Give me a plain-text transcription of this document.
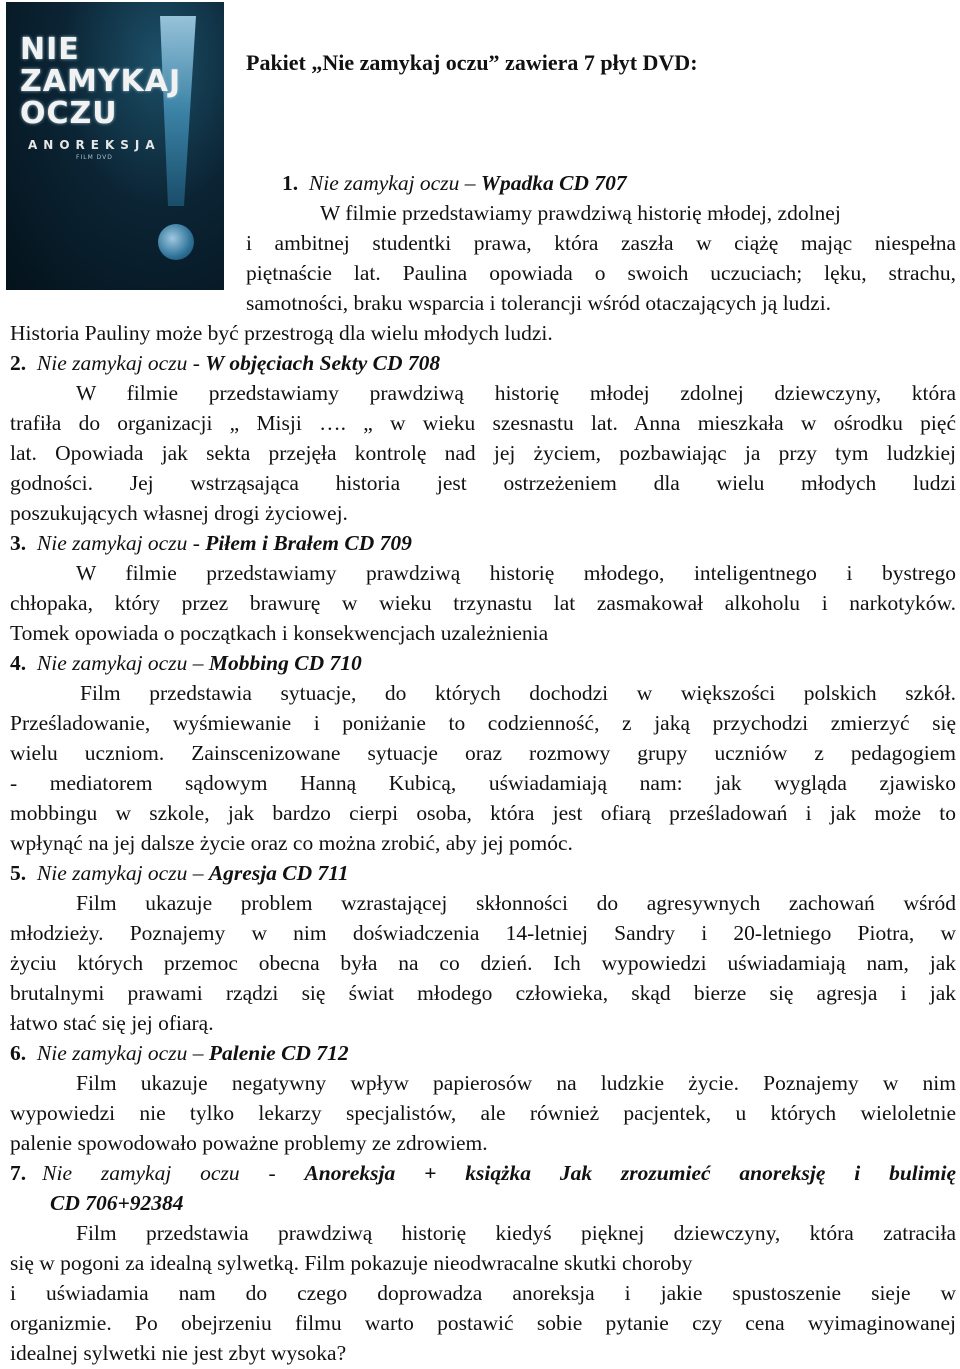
NIE
ZAMYKAJ
OCZU
ANOREKSJA
FILM DVD
Pakiet „Nie zamykaj oczu” zawiera 7 płyt DVD:
1. Nie zamykaj oczu – Wpadka CD 707
W filmie przedstawiamy prawdziwą historię młodej, zdolnej
i ambitnej studentki prawa, która zaszła w ciążę mając niespełna
piętnaście lat. Paulina opowiada o swoich uczuciach; lęku, strachu,
samotności, braku wsparcia i tolerancji wśród otaczających ją ludzi.
Historia Pauliny może być przestrogą dla wielu młodych ludzi.
2. Nie zamykaj oczu - W objęciach Sekty CD 708
W filmie przedstawiamy prawdziwą historię młodej zdolnej dziewczyny, która
trafiła do organizacji „ Misji …. „ w wieku szesnastu lat. Anna mieszkała w ośrodku pięć
lat. Opowiada jak sekta przejęła kontrolę nad jej życiem, pozbawiając ja przy tym ludzkiej
godności. Jej wstrząsająca historia jest ostrzeżeniem dla wielu młodych ludzi
poszukujących własnej drogi życiowej.
3. Nie zamykaj oczu - Piłem i Brałem CD 709
W filmie przedstawiamy prawdziwą historię młodego, inteligentnego i bystrego
chłopaka, który przez brawurę w wieku trzynastu lat zasmakował alkoholu i narkotyków.
Tomek opowiada o początkach i konsekwencjach uzależnienia
4. Nie zamykaj oczu – Mobbing CD 710
Film przedstawia sytuacje, do których dochodzi w większości polskich szkół.
Prześladowanie, wyśmiewanie i poniżanie to codzienność, z jaką przychodzi zmierzyć się
wielu uczniom. Zainscenizowane sytuacje oraz rozmowy grupy uczniów z pedagogiem
- mediatorem sądowym Hanną Kubicą, uświadamiają nam: jak wygląda zjawisko
mobbingu w szkole, jak bardzo cierpi osoba, która jest ofiarą prześladowań i jak może to
wpłynąć na jej dalsze życie oraz co można zrobić, aby jej pomóc.
5. Nie zamykaj oczu – Agresja CD 711
Film ukazuje problem wzrastającej skłonności do agresywnych zachowań wśród
młodzieży. Poznajemy w nim doświadczenia 14-letniej Sandry i 20-letniego Piotra, w
życiu których przemoc obecna była na co dzień. Ich wypowiedzi uświadamiają nam, jak
brutalnymi prawami rządzi się świat młodego człowieka, skąd bierze się agresja i jak
łatwo stać się jej ofiarą.
6. Nie zamykaj oczu – Palenie CD 712
Film ukazuje negatywny wpływ papierosów na ludzkie życie. Poznajemy w nim
wypowiedzi nie tylko lekarzy specjalistów, ale również pacjentek, u których wieloletnie
palenie spowodowało poważne problemy ze zdrowiem.
7. Nie zamykaj oczu - Anoreksja + książka Jak zrozumieć anoreksję i bulimię
CD 706+92384
Film przedstawia prawdziwą historię kiedyś pięknej dziewczyny, która zatraciła
się w pogoni za idealną sylwetką. Film pokazuje nieodwracalne skutki choroby
i uświadamia nam do czego doprowadza anoreksja i jakie spustoszenie sieje w
organizmie. Po obejrzeniu filmu warto postawić sobie pytanie czy cena wyimaginowanej
idealnej sylwetki nie jest zbyt wysoka?
